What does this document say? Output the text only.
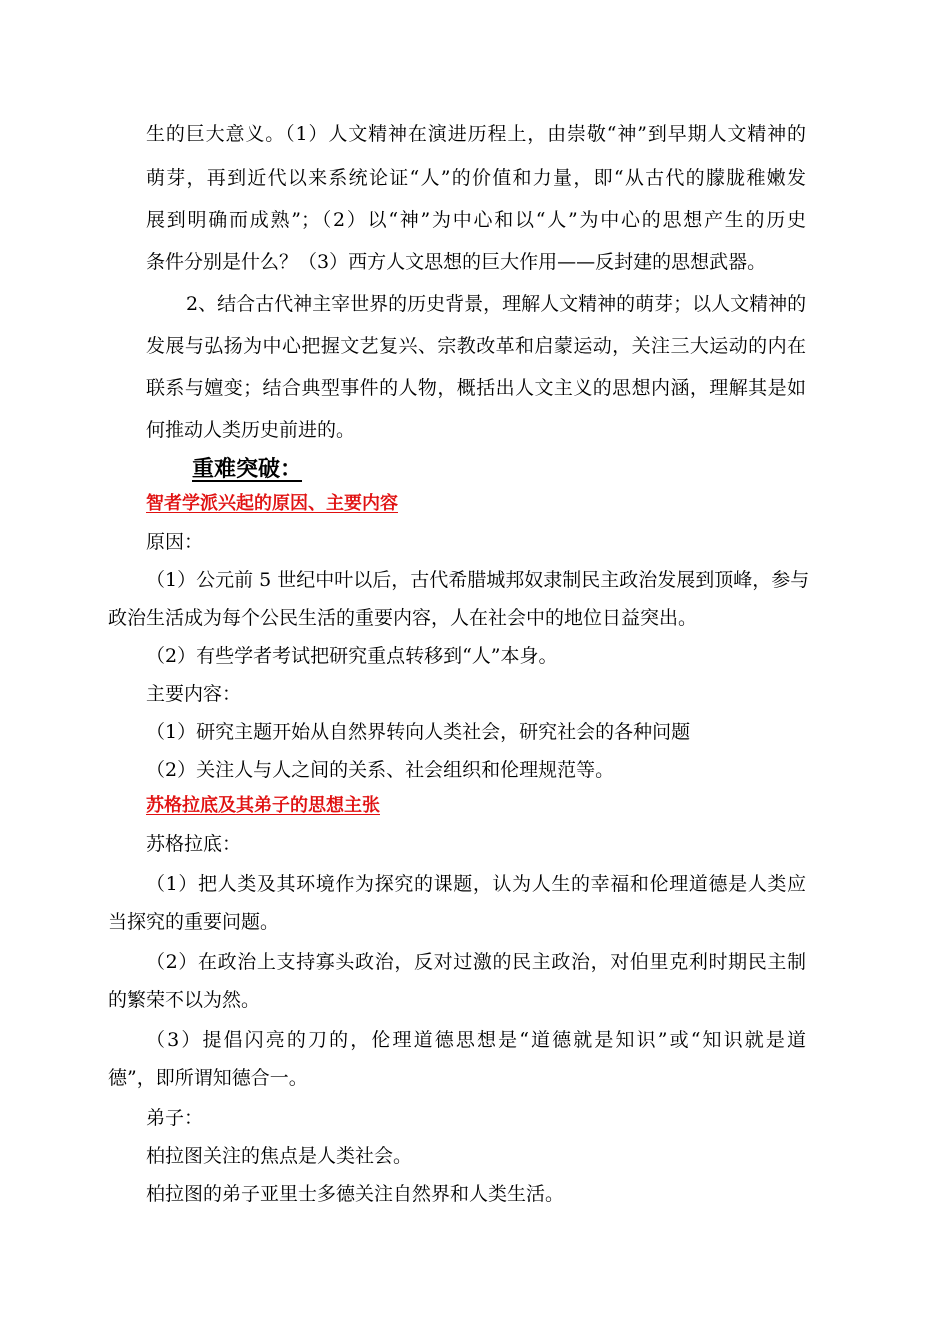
生的巨大意义。（1）人文精神在演进历程上，由崇敬“神”到早期人文精神的
萌芽，再到近代以来系统论证“人”的价值和力量，即“从古代的朦胧稚嫩发
展到明确而成熟”；（2）以“神”为中心和以“人”为中心的思想产生的历史
条件分别是什么？（3）西方人文思想的巨大作用——反封建的思想武器。
2、结合古代神主宰世界的历史背景，理解人文精神的萌芽；以人文精神的
发展与弘扬为中心把握文艺复兴、宗教改革和启蒙运动，关注三大运动的内在
联系与嬗变；结合典型事件的人物，概括出人文主义的思想内涵，理解其是如
何推动人类历史前进的。
重难突破：
智者学派兴起的原因、主要内容
原因：
（1）公元前 5 世纪中叶以后，古代希腊城邦奴隶制民主政治发展到顶峰，参与
政治生活成为每个公民生活的重要内容，人在社会中的地位日益突出。
（2）有些学者考试把研究重点转移到“人”本身。
主要内容：
（1）研究主题开始从自然界转向人类社会，研究社会的各种问题
（2）关注人与人之间的关系、社会组织和伦理规范等。
苏格拉底及其弟子的思想主张
苏格拉底：
（1）把人类及其环境作为探究的课题，认为人生的幸福和伦理道德是人类应
当探究的重要问题。
（2）在政治上支持寡头政治，反对过激的民主政治，对伯里克利时期民主制
的繁荣不以为然。
（3）提倡闪亮的刀的，伦理道德思想是“道德就是知识”或“知识就是道
德”，即所谓知德合一。
弟子：
柏拉图关注的焦点是人类社会。
柏拉图的弟子亚里士多德关注自然界和人类生活。
